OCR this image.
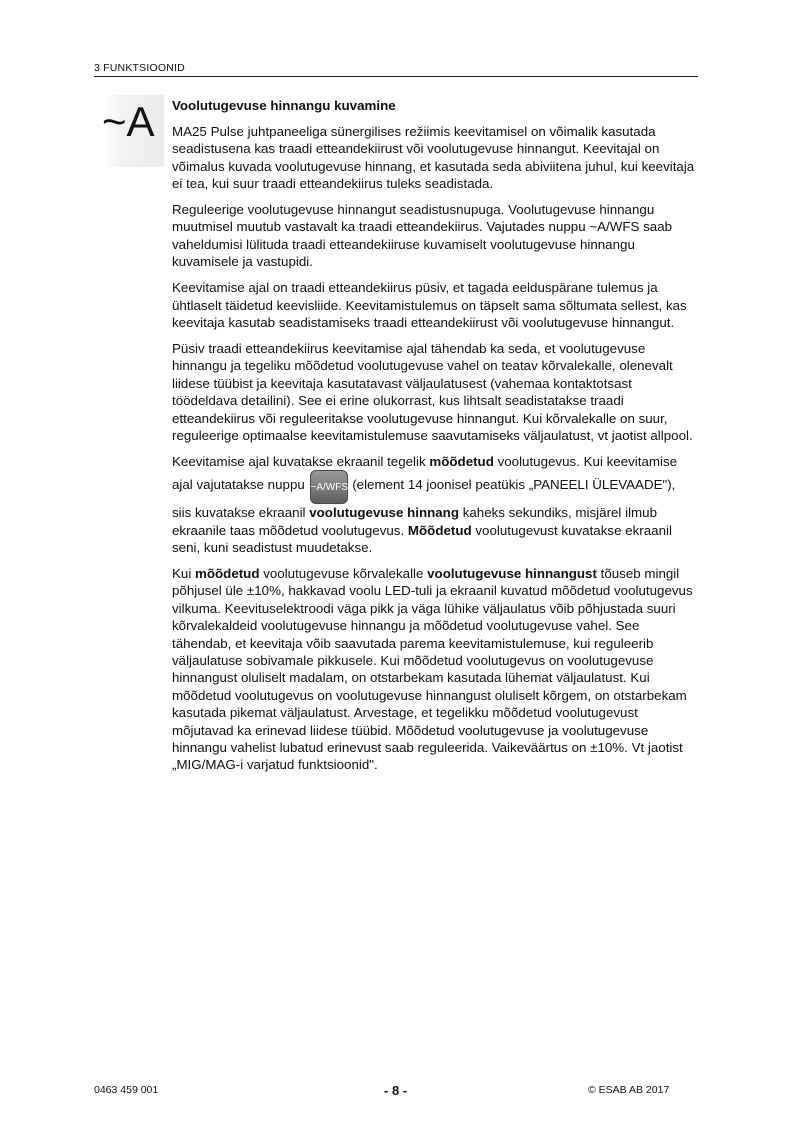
3 FUNKTSIOONID
~A Voolutugevuse hinnangu kuvamine

MA25 Pulse juhtpaneeliga sünergilises režiimis keevitamisel on võimalik kasutada seadistusena kas traadi etteandekiirust või voolutugevuse hinnangut. Keevitajal on võimalus kuvada voolutugevuse hinnang, et kasutada seda abiviitena juhul, kui keevitaja ei tea, kui suur traadi etteandekiirus tuleks seadistada.

Reguleerige voolutugevuse hinnangut seadistusnupuga. Voolutugevuse hinnangu muutmisel muutub vastavalt ka traadi etteandekiirus. Vajutades nuppu ~A/WFS saab vaheldumisi lülituda traadi etteandekiiruse kuvamiselt voolutugevuse hinnangu kuvamisele ja vastupidi.

Keevitamise ajal on traadi etteandekiirus püsiv, et tagada eelduspärane tulemus ja ühtlaselt täidetud keevisliide. Keevitamistulemus on täpselt sama sõltumata sellest, kas keevitaja kasutab seadistamiseks traadi etteandekiirust või voolutugevuse hinnangut.

Püsiv traadi etteandekiirus keevitamise ajal tähendab ka seda, et voolutugevuse hinnangu ja tegeliku mõõdetud voolutugevuse vahel on teatav kõrvalekalle, olenevalt liidese tüübist ja keevitaja kasutatavast väljaulatusest (vahemaa kontaktotsast töödeldava detailini). See ei erine olukorrast, kus lihtsalt seadistatakse traadi etteandekiirus või reguleeritakse voolutugevuse hinnangut. Kui kõrvalekalle on suur, reguleerige optimaalse keevitamistulemuse saavutamiseks väljaulatust, vt jaotist allpool.

Keevitamise ajal kuvatakse ekraanil tegelik mõõdetud voolutugevus. Kui keevitamise ajal vajutatakse nuppu ~A/WFS (element 14 joonisel peatükis „PANEELI ÜLEVAADE"), siis kuvatakse ekraanil voolutugevuse hinnang kaheks sekundiks, misjärel ilmub ekraanile taas mõõdetud voolutugevus. Mõõdetud voolutugevust kuvatakse ekraanil seni, kuni seadistust muudetakse.

Kui mõõdetud voolutugevuse kõrvalekalle voolutugevuse hinnangust tõuseb mingil põhjusel üle ±10%, hakkavad voolu LED-tuli ja ekraanil kuvatud mõõdetud voolutugevus vilkuma. Keevituselektroodi väga pikk ja väga lühike väljaulatus võib põhjustada suuri kõrvalekaldeid voolutugevuse hinnangu ja mõõdetud voolutugevuse vahel. See tähendab, et keevitaja võib saavutada parema keevitamistulemuse, kui reguleerib väljaulatuse sobivamale pikkusele. Kui mõõdetud voolutugevus on voolutugevuse hinnangust oluliselt madalam, on otstarbekam kasutada lühemat väljaulatust. Kui mõõdetud voolutugevus on voolutugevuse hinnangust oluliselt kõrgem, on otstarbekam kasutada pikemat väljaulatust. Arvestage, et tegelikku mõõdetud voolutugevust mõjutavad ka erinevad liidese tüübid. Mõõdetud voolutugevuse ja voolutugevuse hinnangu vahelist lubatud erinevust saab reguleerida. Vaikeväärtus on ±10%. Vt jaotist „MIG/MAG-i varjatud funktsioonid".

0463 459 001	- 8 -	© ESAB AB 2017
